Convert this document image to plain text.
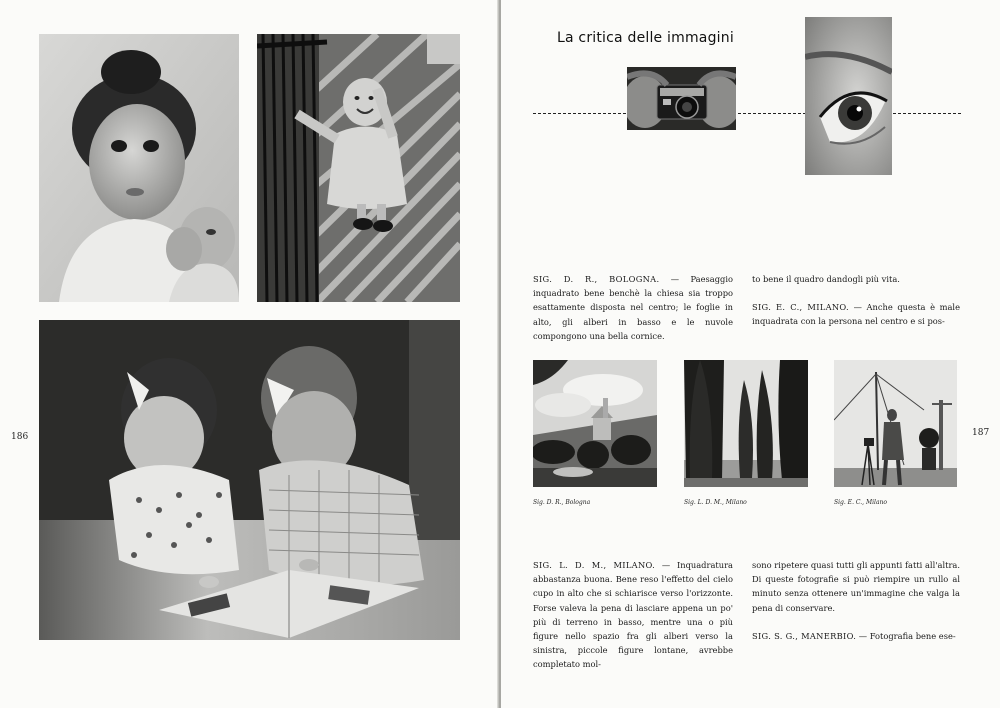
186
La critica delle immagini

SIG. D. R., BOLOGNA. — Paesaggio inquadrato bene benchè la chiesa sia troppo esattamente disposta nel centro; le foglie in alto, gli alberi in basso e le nuvole compongono una bella cornice.

to bene il quadro dandogli più vita.

SIG. E. C., MILANO. — Anche questa è male inquadrata con la persona nel centro e si pos-

Sig. D. R., Bologna	Sig. L. D. M., Milano	Sig. E. C., Milano

SIG. L. D. M., MILANO. — Inquadratura abbastanza buona. Bene reso l'effetto del cielo cupo in alto che si schiarisce verso l'orizzonte. Forse valeva la pena di lasciare appena un po' più di terreno in basso, mentre una o più figure nello spazio fra gli alberi verso la sinistra, piccole figure lontane, avrebbe completato mol-

sono ripetere quasi tutti gli appunti fatti all'altra. Di queste fotografie si può riempire un rullo al minuto senza ottenere un'immagine che valga la pena di conservare.

SIG. S. G., MANERBIO. — Fotografia bene ese-

187
